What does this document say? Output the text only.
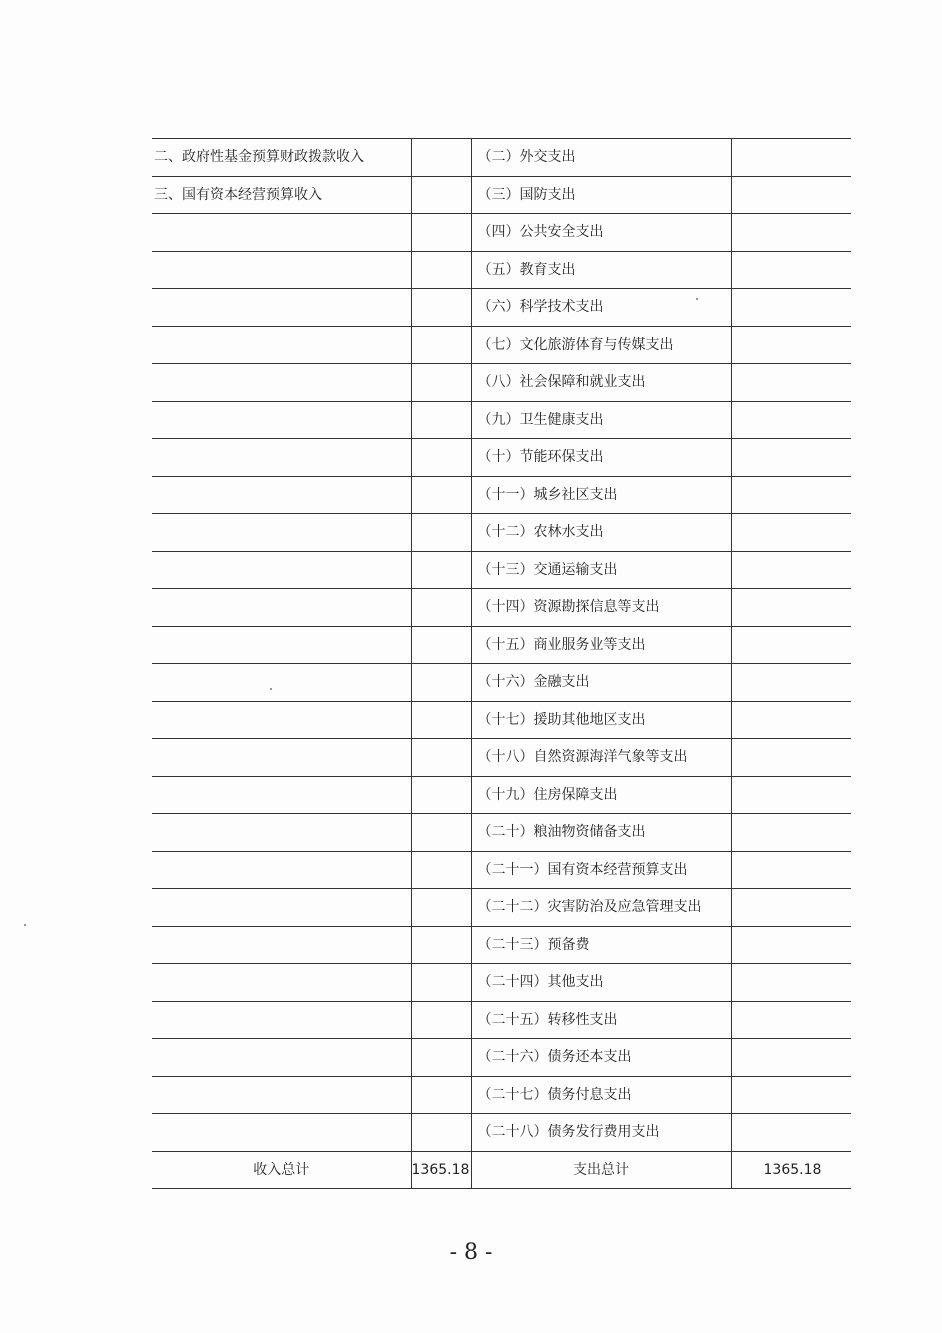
二、政府性基金预算财政拨款收入		（二）外交支出	
三、国有资本经营预算收入		（三）国防支出	
		（四）公共安全支出	
		（五）教育支出	
		（六）科学技术支出	
		（七）文化旅游体育与传媒支出	
		（八）社会保障和就业支出	
		（九）卫生健康支出	
		（十）节能环保支出	
		（十一）城乡社区支出	
		（十二）农林水支出	
		（十三）交通运输支出	
		（十四）资源勘探信息等支出	
		（十五）商业服务业等支出	
		（十六）金融支出	
		（十七）援助其他地区支出	
		（十八）自然资源海洋气象等支出	
		（十九）住房保障支出	
		（二十）粮油物资储备支出	
		（二十一）国有资本经营预算支出	
		（二十二）灾害防治及应急管理支出	
		（二十三）预备费	
		（二十四）其他支出	
		（二十五）转移性支出	
		（二十六）债务还本支出	
		（二十七）债务付息支出	
		（二十八）债务发行费用支出	
收入总计	1365.18	支出总计	1365.18
- 8 -
